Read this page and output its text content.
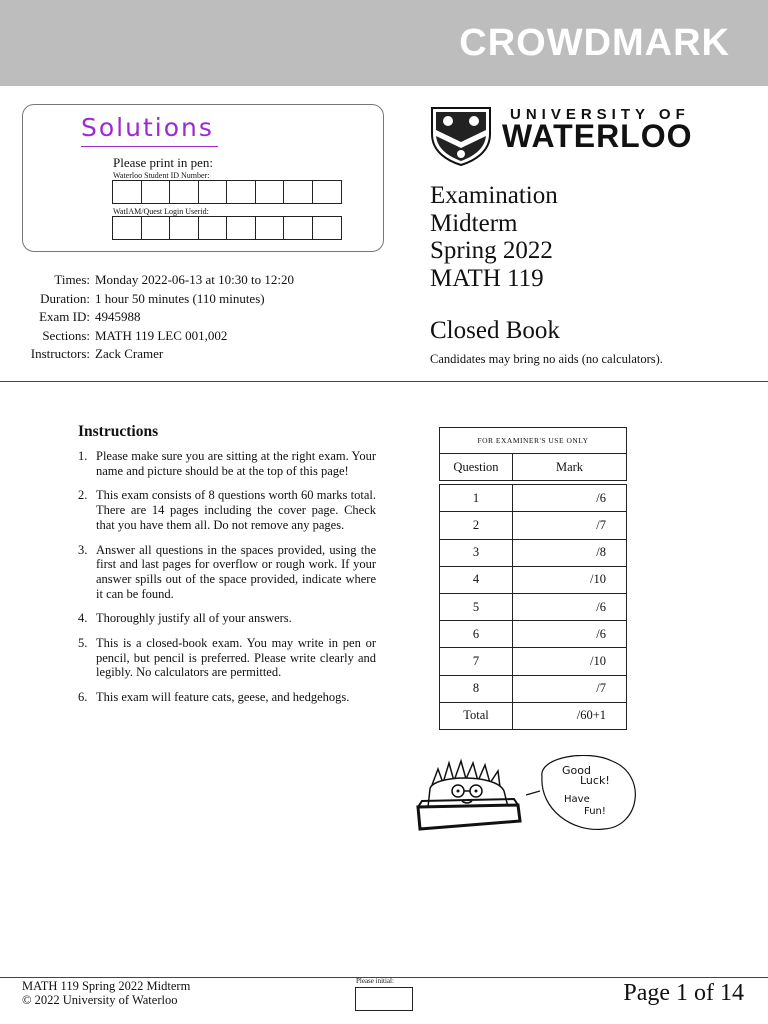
CROWDMARK
Solutions
Please print in pen:
Waterloo Student ID Number:
WatIAM/Quest Login Userid:
UNIVERSITY OF
WATERLOO
Examination
Midterm
Spring 2022
MATH 119
Closed Book
Candidates may bring no aids (no calculators).
Times: Monday 2022-06-13 at 10:30 to 12:20
Duration: 1 hour 50 minutes (110 minutes)
Exam ID: 4945988
Sections: MATH 119 LEC 001,002
Instructors: Zack Cramer
Instructions
1. Please make sure you are sitting at the right exam. Your name and picture should be at the top of this page!
2. This exam consists of 8 questions worth 60 marks total. There are 14 pages including the cover page. Check that you have them all. Do not remove any pages.
3. Answer all questions in the spaces provided, using the first and last pages for overflow or rough work. If your answer spills out of the space provided, indicate where it can be found.
4. Thoroughly justify all of your answers.
5. This is a closed-book exam. You may write in pen or pencil, but pencil is preferred. Please write clearly and legibly. No calculators are permitted.
6. This exam will feature cats, geese, and hedgehogs.
FOR EXAMINER'S USE ONLY	
Question	Mark

1	/6
2	/7
3	/8
4	/10
5	/6
6	/6
7	/10
8	/7
Total	/60+1
Good
Luck!
Have
Fun!
MATH 119 Spring 2022 Midterm
© 2022 University of Waterloo
Please initial:	Page 1 of 14
